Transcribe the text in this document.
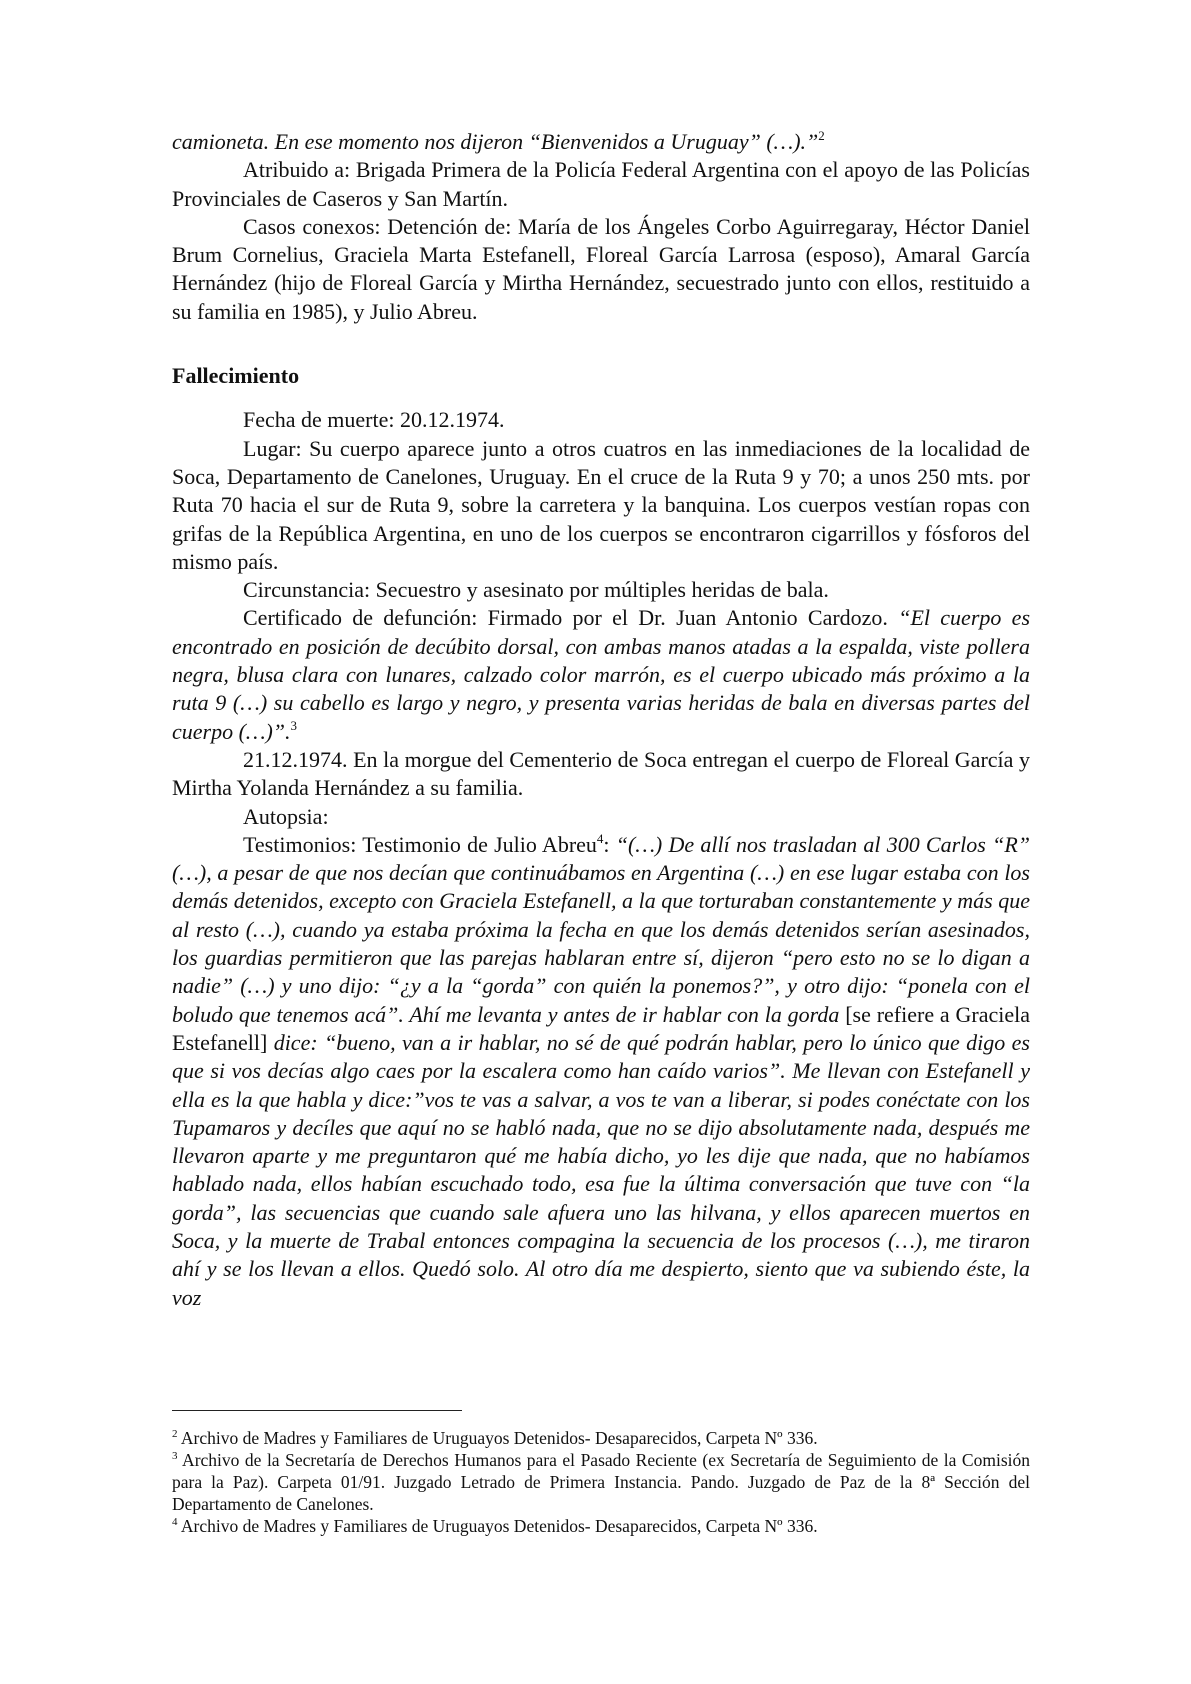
camioneta. En ese momento nos dijeron “Bienvenidos a Uruguay” (…).”$^2$

Atribuido a: Brigada Primera de la Policía Federal Argentina con el apoyo de las Policías Provinciales de Caseros y San Martín.

Casos conexos: Detención de: María de los Ángeles Corbo Aguirregaray, Héctor Daniel Brum Cornelius, Graciela Marta Estefanell, Floreal García Larrosa (esposo), Amaral García Hernández (hijo de Floreal García y Mirtha Hernández, secuestrado junto con ellos, restituido a su familia en 1985), y Julio Abreu.

Fallecimiento

Fecha de muerte: 20.12.1974.

Lugar: Su cuerpo aparece junto a otros cuatros en las inmediaciones de la localidad de Soca, Departamento de Canelones, Uruguay. En el cruce de la Ruta 9 y 70; a unos 250 mts. por Ruta 70 hacia el sur de Ruta 9, sobre la carretera y la banquina. Los cuerpos vestían ropas con grifas de la República Argentina, en uno de los cuerpos se encontraron cigarrillos y fósforos del mismo país.

Circunstancia: Secuestro y asesinato por múltiples heridas de bala.

Certificado de defunción: Firmado por el Dr. Juan Antonio Cardozo. “El cuerpo es encontrado en posición de decúbito dorsal, con ambas manos atadas a la espalda, viste pollera negra, blusa clara con lunares, calzado color marrón, es el cuerpo ubicado más próximo a la ruta 9 (…) su cabello es largo y negro, y presenta varias heridas de bala en diversas partes del cuerpo (…)”.$^3$

21.12.1974. En la morgue del Cementerio de Soca entregan el cuerpo de Floreal García y Mirtha Yolanda Hernández a su familia.

Autopsia:

Testimonios: Testimonio de Julio Abreu$^4$: “(…) De allí nos trasladan al 300 Carlos “R” (…), a pesar de que nos decían que continuábamos en Argentina (…) en ese lugar estaba con los demás detenidos, excepto con Graciela Estefanell, a la que torturaban constantemente y más que al resto (…), cuando ya estaba próxima la fecha en que los demás detenidos serían asesinados, los guardias permitieron que las parejas hablaran entre sí, dijeron “pero esto no se lo digan a nadie” (…) y uno dijo: “¿y a la “gorda” con quién la ponemos?”, y otro dijo: “ponela con el boludo que tenemos acá”. Ahí me levanta y antes de ir hablar con la gorda [se refiere a Graciela Estefanell] dice: “bueno, van a ir hablar, no sé de qué podrán hablar, pero lo único que digo es que si vos decías algo caes por la escalera como han caído varios”. Me llevan con Estefanell y ella es la que habla y dice:”vos te vas a salvar, a vos te van a liberar, si podes conéctate con los Tupamaros y decíles que aquí no se habló nada, que no se dijo absolutamente nada, después me llevaron aparte y me preguntaron qué me había dicho, yo les dije que nada, que no habíamos hablado nada, ellos habían escuchado todo, esa fue la última conversación que tuve con “la gorda”, las secuencias que cuando sale afuera uno las hilvana, y ellos aparecen muertos en Soca, y la muerte de Trabal entonces compagina la secuencia de los procesos (…), me tiraron ahí y se los llevan a ellos. Quedó solo. Al otro día me despierto, siento que va subiendo éste, la voz

$^2$ Archivo de Madres y Familiares de Uruguayos Detenidos- Desaparecidos, Carpeta Nº 336.

$^3$ Archivo de la Secretaría de Derechos Humanos para el Pasado Reciente (ex Secretaría de Seguimiento de la Comisión para la Paz). Carpeta 01/91. Juzgado Letrado de Primera Instancia. Pando. Juzgado de Paz de la 8ª Sección del Departamento de Canelones.

$^4$ Archivo de Madres y Familiares de Uruguayos Detenidos- Desaparecidos, Carpeta Nº 336.
